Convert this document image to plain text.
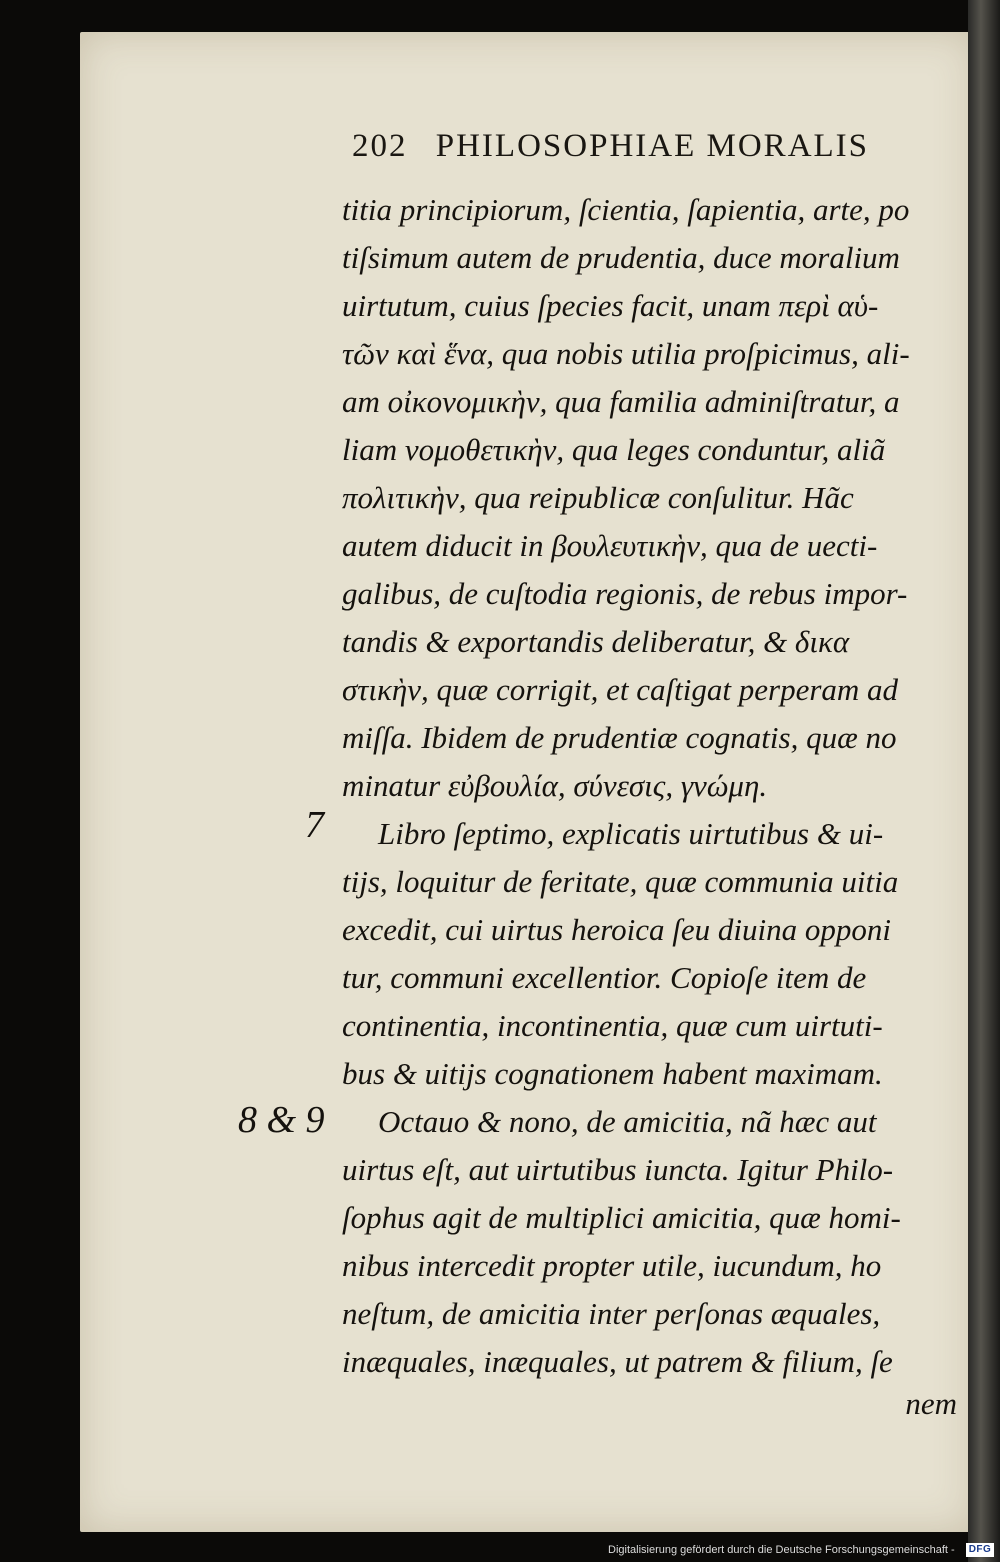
202 PHILOSOPHIAE MORALIS
titia principiorum, ſcientia, ſapientia, arte, po
tiſsimum autem de prudentia, duce moralium
uirtutum, cuius ſpecies facit, unam περὶ αὑ-
τῶν καὶ ἕνα, qua nobis utilia proſpicimus, ali-
am οἰκονομικὴν, qua familia adminiſtratur, a
liam νομοθετικὴν, qua leges conduntur, aliã
πολιτικὴν, qua reipublicæ conſulitur. Hãc
autem diducit in βουλευτικὴν, qua de uecti-
galibus, de cuſtodia regionis, de rebus impor-
tandis & exportandis deliberatur, & δικα
στικὴν, quæ corrigit, et caſtigat perperam ad
miſſa. Ibidem de prudentiæ cognatis, quæ no
minatur εὐβουλία, σύνεσις, γνώμη.
Libro ſeptimo, explicatis uirtutibus & ui-
tijs, loquitur de feritate, quæ communia uitia
excedit, cui uirtus heroica ſeu diuina opponi
tur, communi excellentior. Copioſe item de
continentia, incontinentia, quæ cum uirtuti-
bus & uitijs cognationem habent maximam.
Octauo & nono, de amicitia, nã hæc aut
uirtus eſt, aut uirtutibus iuncta. Igitur Philo-
ſophus agit de multiplici amicitia, quæ homi-
nibus intercedit propter utile, iucundum, ho
neſtum, de amicitia inter perſonas æquales,
inæquales, inæquales, ut patrem & filium, ſe
nem
7
8 & 9
Digitalisierung gefördert durch die Deutsche Forschungsgemeinschaft -	DFG
